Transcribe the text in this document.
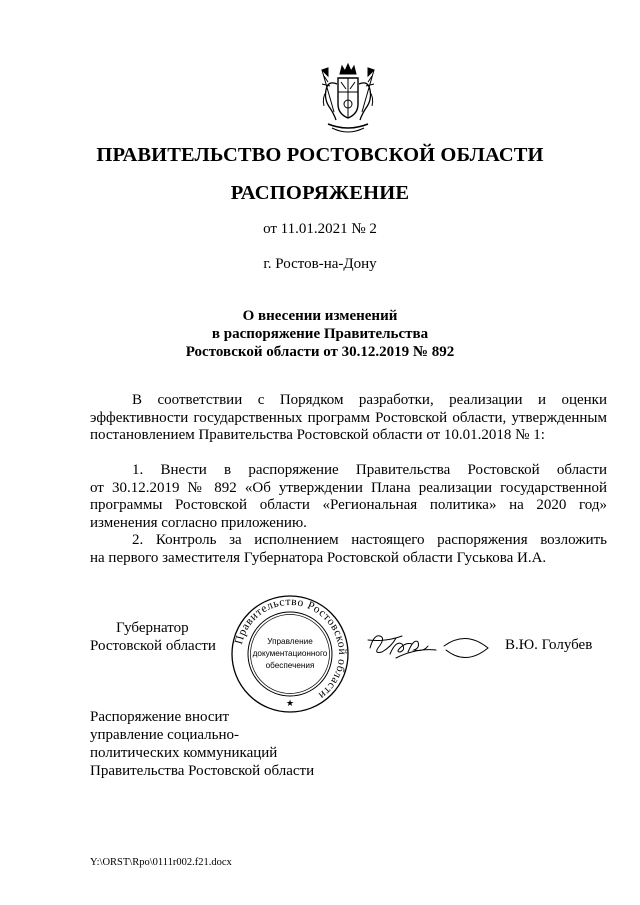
ПРАВИТЕЛЬСТВО РОСТОВСКОЙ ОБЛАСТИ
РАСПОРЯЖЕНИЕ
от 11.01.2021 № 2
г. Ростов-на-Дону
О внесении изменений
в распоряжение Правительства
Ростовской области от 30.12.2019 № 892
В соответствии с Порядком разработки, реализации и оценки
эффективности государственных программ Ростовской области, утвержденным
постановлением Правительства Ростовской области от 10.01.2018 № 1:
1. Внести в распоряжение Правительства Ростовской области
от 30.12.2019 № 892 «Об утверждении Плана реализации государственной
программы Ростовской области «Региональная политика» на 2020 год»
изменения согласно приложению.
2. Контроль за исполнением настоящего распоряжения возложить
на первого заместителя Губернатора Ростовской области Гуськова И.А.
Губернатор
Ростовской области Правительство Ростовской области
★
Управление
документационного
обеспечения
В.Ю. Голубев
Распоряжение вносит
управление социально-
политических коммуникаций
Правительства Ростовской области
Y:\ORST\Rpo\0111r002.f21.docx
